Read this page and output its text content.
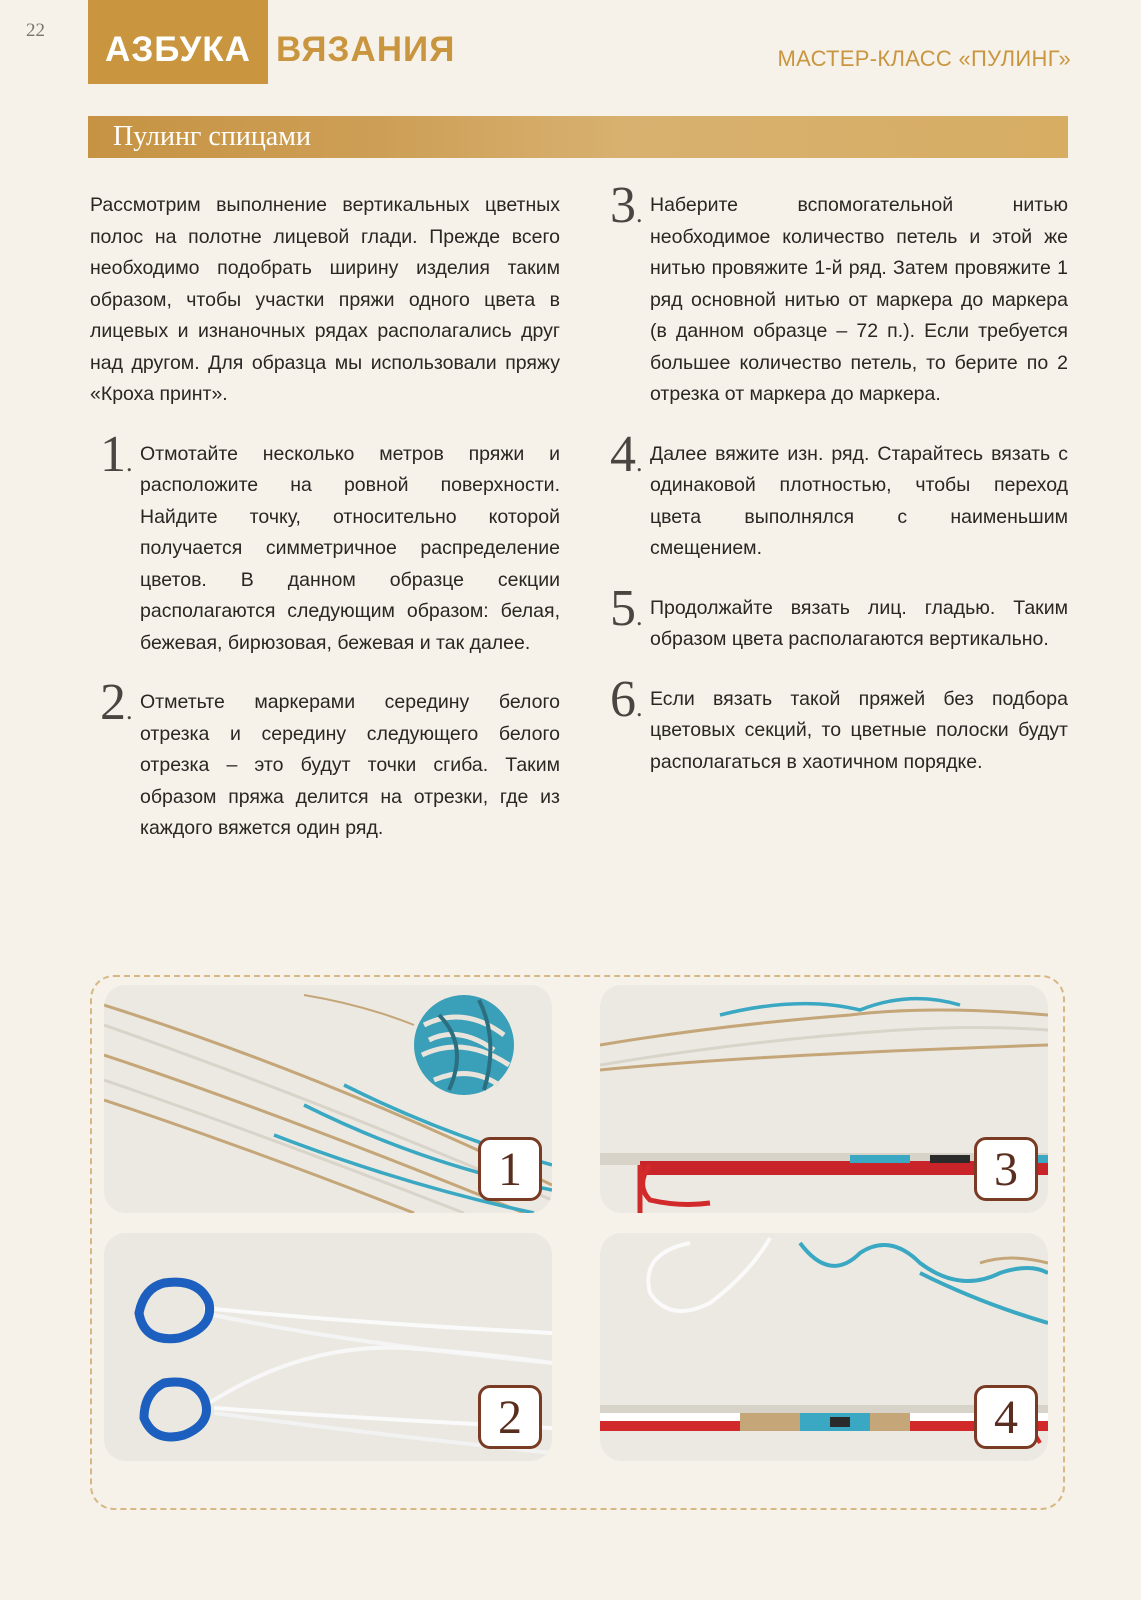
22 АЗБУКА ВЯЗАНИЯ	МАСТЕР-КЛАСС «ПУЛИНГ»
Пулинг спицами

Рассмотрим выполнение вертикальных цветных полос на полотне лицевой глади. Прежде всего необходимо подобрать ширину изделия таким образом, чтобы участки пряжи одного цвета в лицевых и изнаночных рядах располагались друг над другом. Для образца мы использовали пряжу «Кроха принт».

1 . Отмотайте несколько метров пряжи и расположите на ровной поверхности. Найдите точку, относительно которой получается симметричное распределение цветов. В данном образце секции располагаются следующим образом: белая, бежевая, бирюзовая, бежевая и так далее.

2 . Отметьте маркерами середину белого отрезка и середину следующего белого отрезка – это будут точки сгиба. Таким образом пряжа делится на отрезки, где из каждого вяжется один ряд.

3 . Наберите вспомогательной нитью необходимое количество петель и этой же нитью провяжите 1-й ряд. Затем провяжите 1 ряд основной нитью от маркера до маркера (в данном образце – 72 п.). Если требуется большее количество петель, то берите по 2 отрезка от маркера до маркера.

4 . Далее вяжите изн. ряд. Старайтесь вязать с одинаковой плотностью, чтобы переход цвета выполнялся с наименьшим смещением.

5 . Продолжайте вязать лиц. гладью. Таким образом цвета располагаются вертикально.

6 . Если вязать такой пряжей без подбора цветовых секций, то цветные полоски будут располагаться в хаотичном порядке.

1	3
2	4
